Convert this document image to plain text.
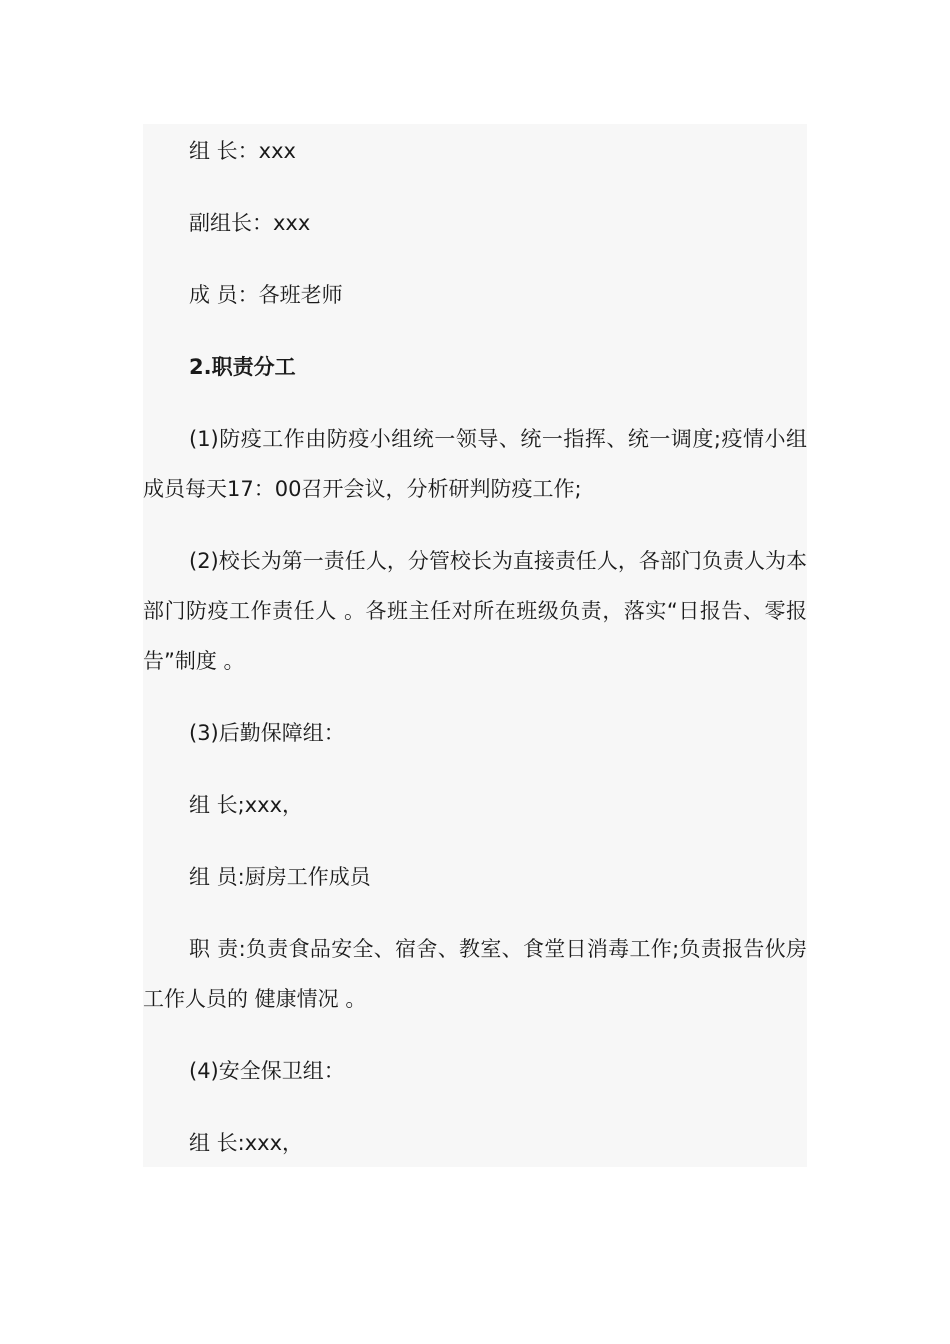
组 长：xxx

副组长：xxx

成 员：各班老师

2.职责分工

(1)防疫工作由防疫小组统一领导、统一指挥、统一调度;疫情小组成员每天17：00召开会议，分析研判防疫工作;

(2)校长为第一责任人，分管校长为直接责任人，各部门负责人为本部门防疫工作责任人 。各班主任对所在班级负责，落实“日报告、零报告”制度 。

(3)后勤保障组：

组 长;xxx，

组 员:厨房工作成员

职 责:负责食品安全、宿舍、教室、食堂日消毒工作;负责报告伙房工作人员的 健康情况 。

(4)安全保卫组：

组 长:xxx，
